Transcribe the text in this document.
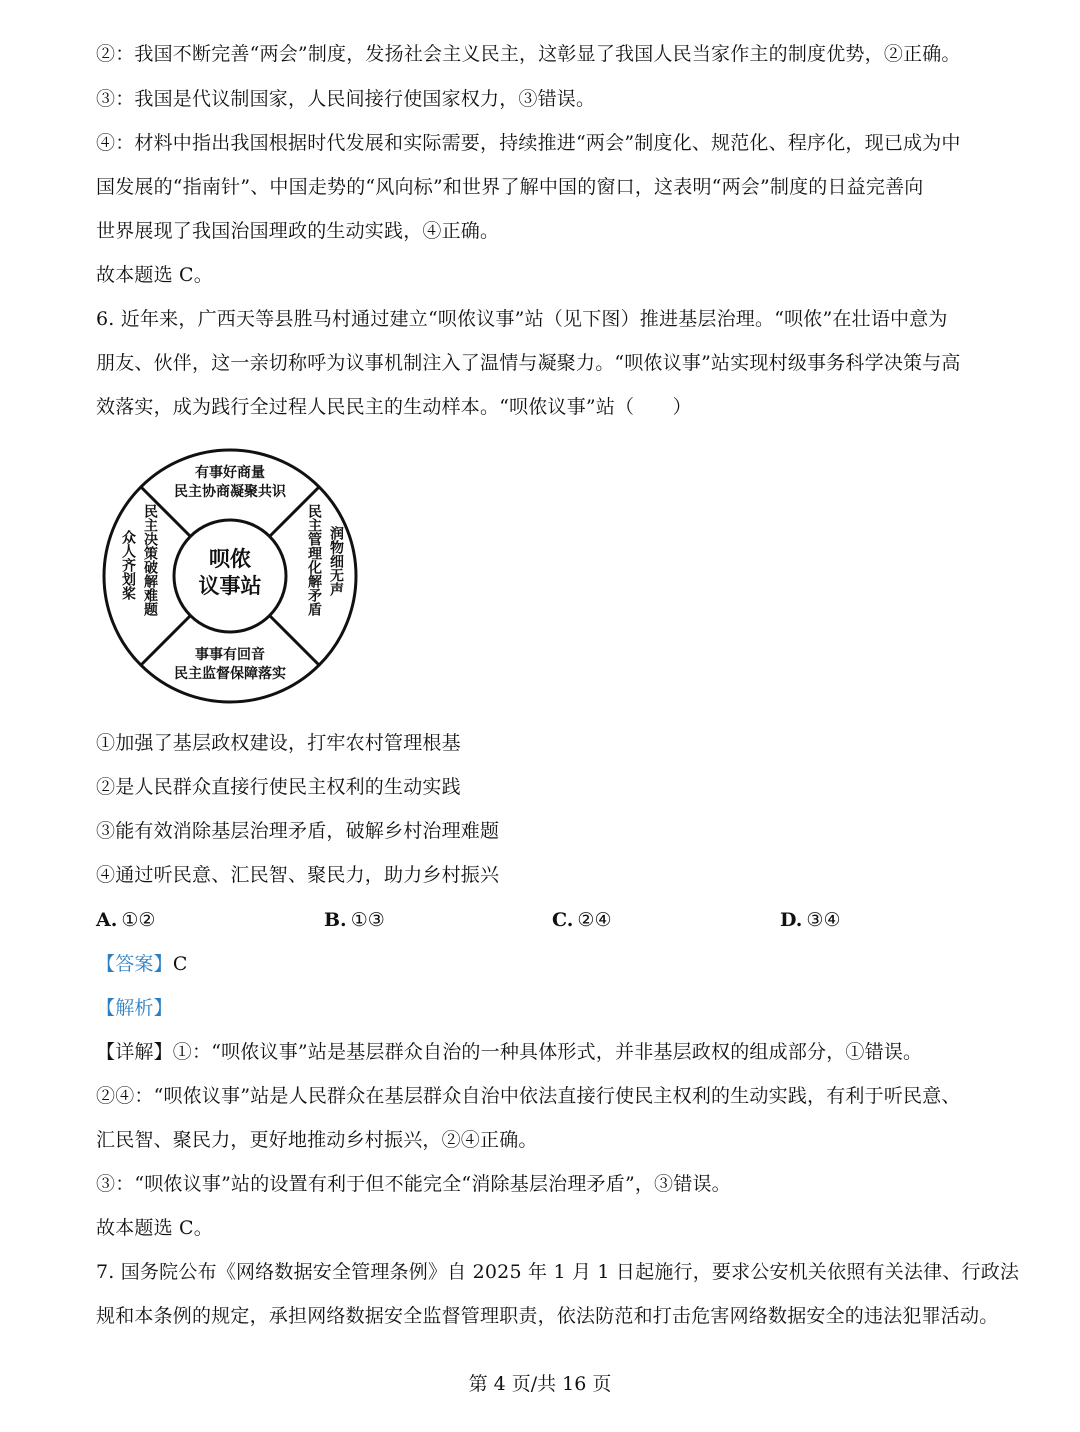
②：我国不断完善“两会”制度，发扬社会主义民主，这彰显了我国人民当家作主的制度优势，②正确。
③：我国是代议制国家，人民间接行使国家权力，③错误。
④：材料中指出我国根据时代发展和实际需要，持续推进“两会”制度化、规范化、程序化，现已成为中
国发展的“指南针”、中国走势的“风向标”和世界了解中国的窗口，这表明“两会”制度的日益完善向
世界展现了我国治国理政的生动实践，④正确。
故本题选 C。
6. 近年来，广西天等县胜马村通过建立“呗侬议事”站（见下图）推进基层治理。“呗侬”在壮语中意为
朋友、伙伴，这一亲切称呼为议事机制注入了温情与凝聚力。“呗侬议事”站实现村级事务科学决策与高
效落实，成为践行全过程人民民主的生动样本。“呗侬议事”站（　　）
呗侬
议事站
有事好商量
民主协商凝聚共识
事事有回音
民主监督保障落实
众人齐划桨 民主决策破解难题	民主管理化解矛盾 润物细无声
①加强了基层政权建设，打牢农村管理根基
②是人民群众直接行使民主权利的生动实践
③能有效消除基层治理矛盾，破解乡村治理难题
④通过听民意、汇民智、聚民力，助力乡村振兴
A. ①②	B. ①③	C. ②④	D. ③④
【答案】C
【解析】
【详解】①：“呗侬议事”站是基层群众自治的一种具体形式，并非基层政权的组成部分，①错误。
②④：“呗侬议事”站是人民群众在基层群众自治中依法直接行使民主权利的生动实践，有利于听民意、
汇民智、聚民力，更好地推动乡村振兴，②④正确。
③：“呗侬议事”站的设置有利于但不能完全“消除基层治理矛盾”，③错误。
故本题选 C。
7. 国务院公布《网络数据安全管理条例》自 2025 年 1 月 1 日起施行，要求公安机关依照有关法律、行政法
规和本条例的规定，承担网络数据安全监督管理职责，依法防范和打击危害网络数据安全的违法犯罪活动。
第 4 页/共 16 页
